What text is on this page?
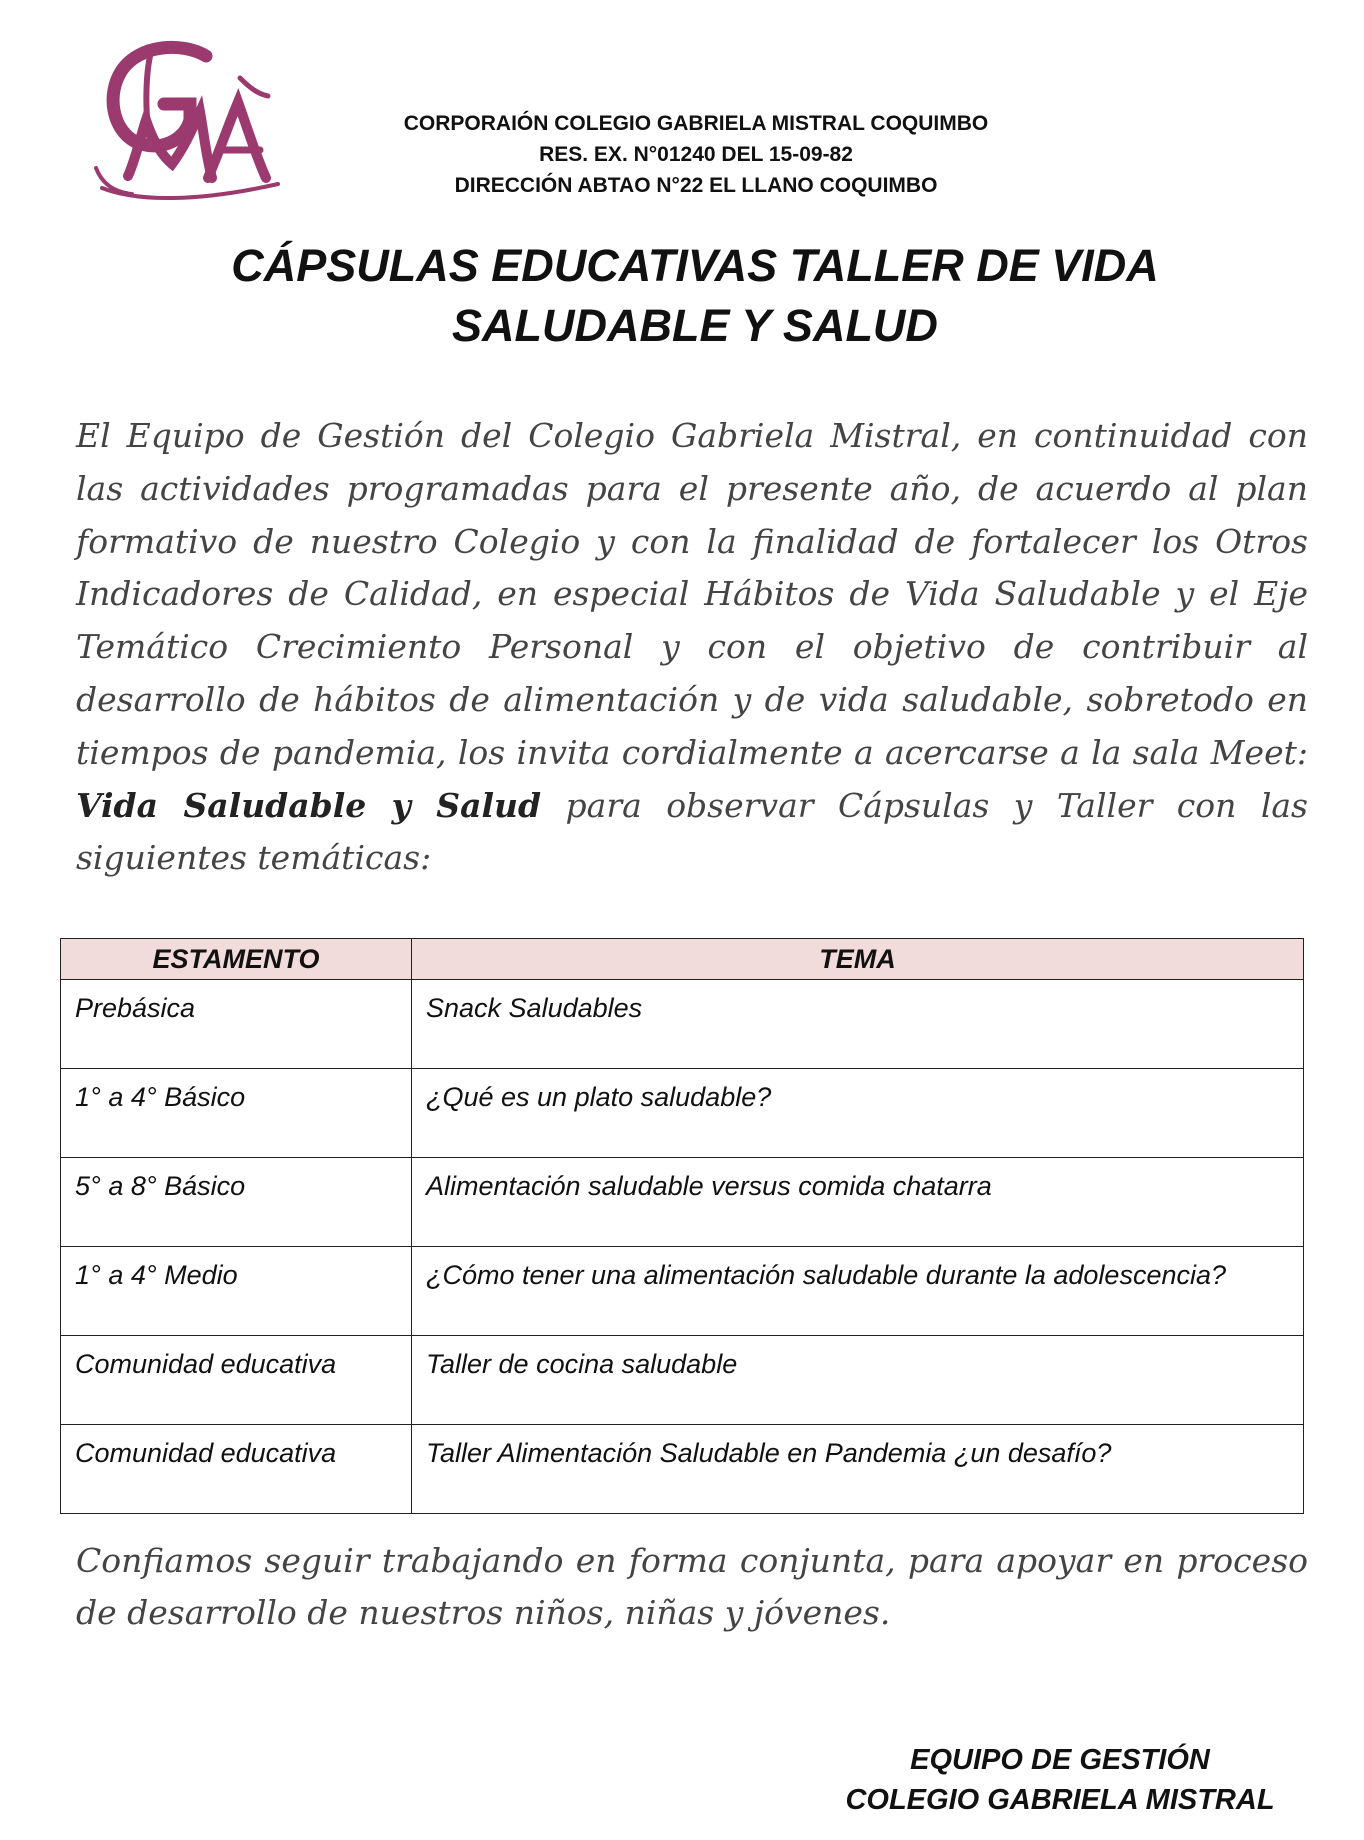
CORPORAIÓN COLEGIO GABRIELA MISTRAL COQUIMBO
RES. EX. N°01240 DEL 15-09-82
DIRECCIÓN ABTAO N°22 EL LLANO COQUIMBO
CÁPSULAS EDUCATIVAS TALLER DE VIDA
SALUDABLE Y SALUD
El Equipo de Gestión del Colegio Gabriela Mistral, en continuidad con las actividades programadas para el presente año, de acuerdo al plan formativo de nuestro Colegio y con la finalidad de fortalecer los Otros Indicadores de Calidad, en especial Hábitos de Vida Saludable y el Eje Temático Crecimiento Personal y con el objetivo de contribuir al desarrollo de hábitos de alimentación y de vida saludable, sobretodo en tiempos de pandemia, los invita cordialmente a acercarse a la sala Meet: Vida Saludable y Salud para observar Cápsulas y Taller con las siguientes temáticas:
ESTAMENTO	TEMA
Prebásica	Snack Saludables
1° a 4° Básico	¿Qué es un plato saludable?
5° a 8° Básico	Alimentación saludable versus comida chatarra
1° a 4° Medio	¿Cómo tener una alimentación saludable durante la adolescencia?
Comunidad educativa	Taller de cocina saludable
Comunidad educativa	Taller Alimentación Saludable en Pandemia ¿un desafío?
Confiamos seguir trabajando en forma conjunta, para apoyar en proceso de desarrollo de nuestros niños, niñas y jóvenes.
EQUIPO DE GESTIÓN
COLEGIO GABRIELA MISTRAL
